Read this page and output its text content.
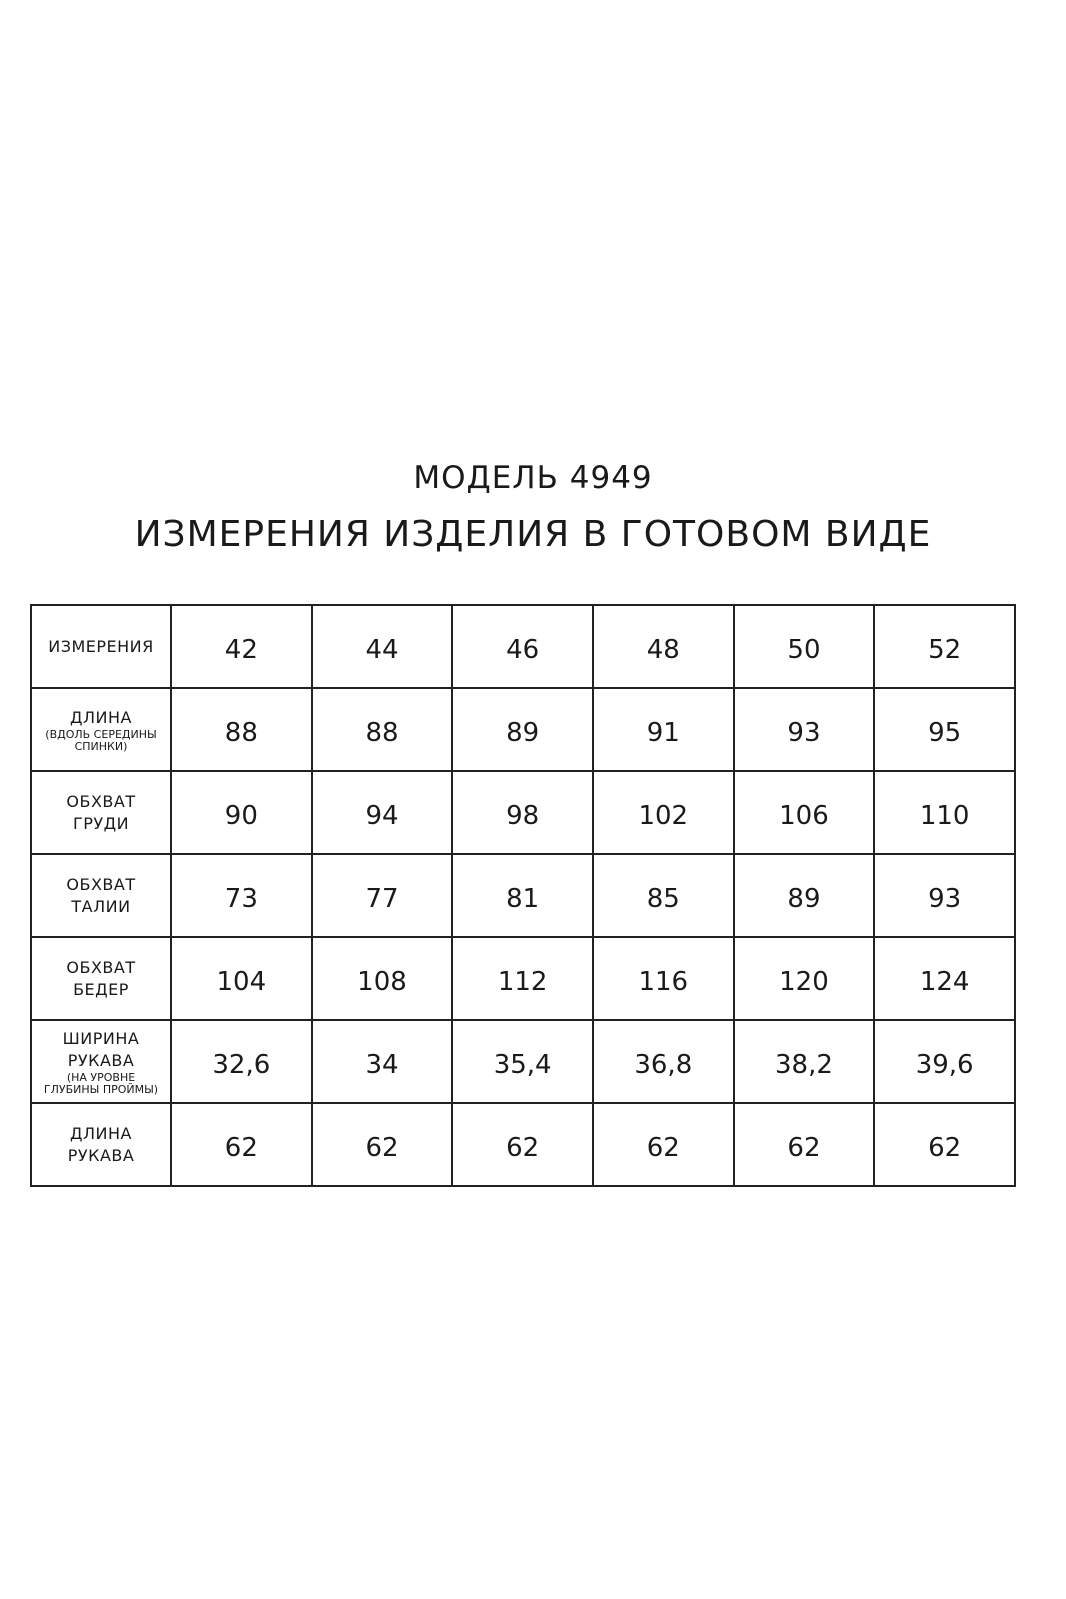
МОДЕЛЬ 4949
ИЗМЕРЕНИЯ ИЗДЕЛИЯ В ГОТОВОМ ВИДЕ
ИЗМЕРЕНИЯ	42	44	46	48	50	52

ДЛИНА
(ВДОЛЬ СЕРЕДИНЫ
СПИНКИ)	88	88	89	91	93	95

ОБХВАТ
ГРУДИ	90	94	98	102	106	110

ОБХВАТ
ТАЛИИ	73	77	81	85	89	93

ОБХВАТ
БЕДЕР	104	108	112	116	120	124

ШИРИНА
РУКАВА
(НА УРОВНЕ
ГЛУБИНЫ ПРОЙМЫ)	32,6	34	35,4	36,8	38,2	39,6

ДЛИНА
РУКАВА	62	62	62	62	62	62
